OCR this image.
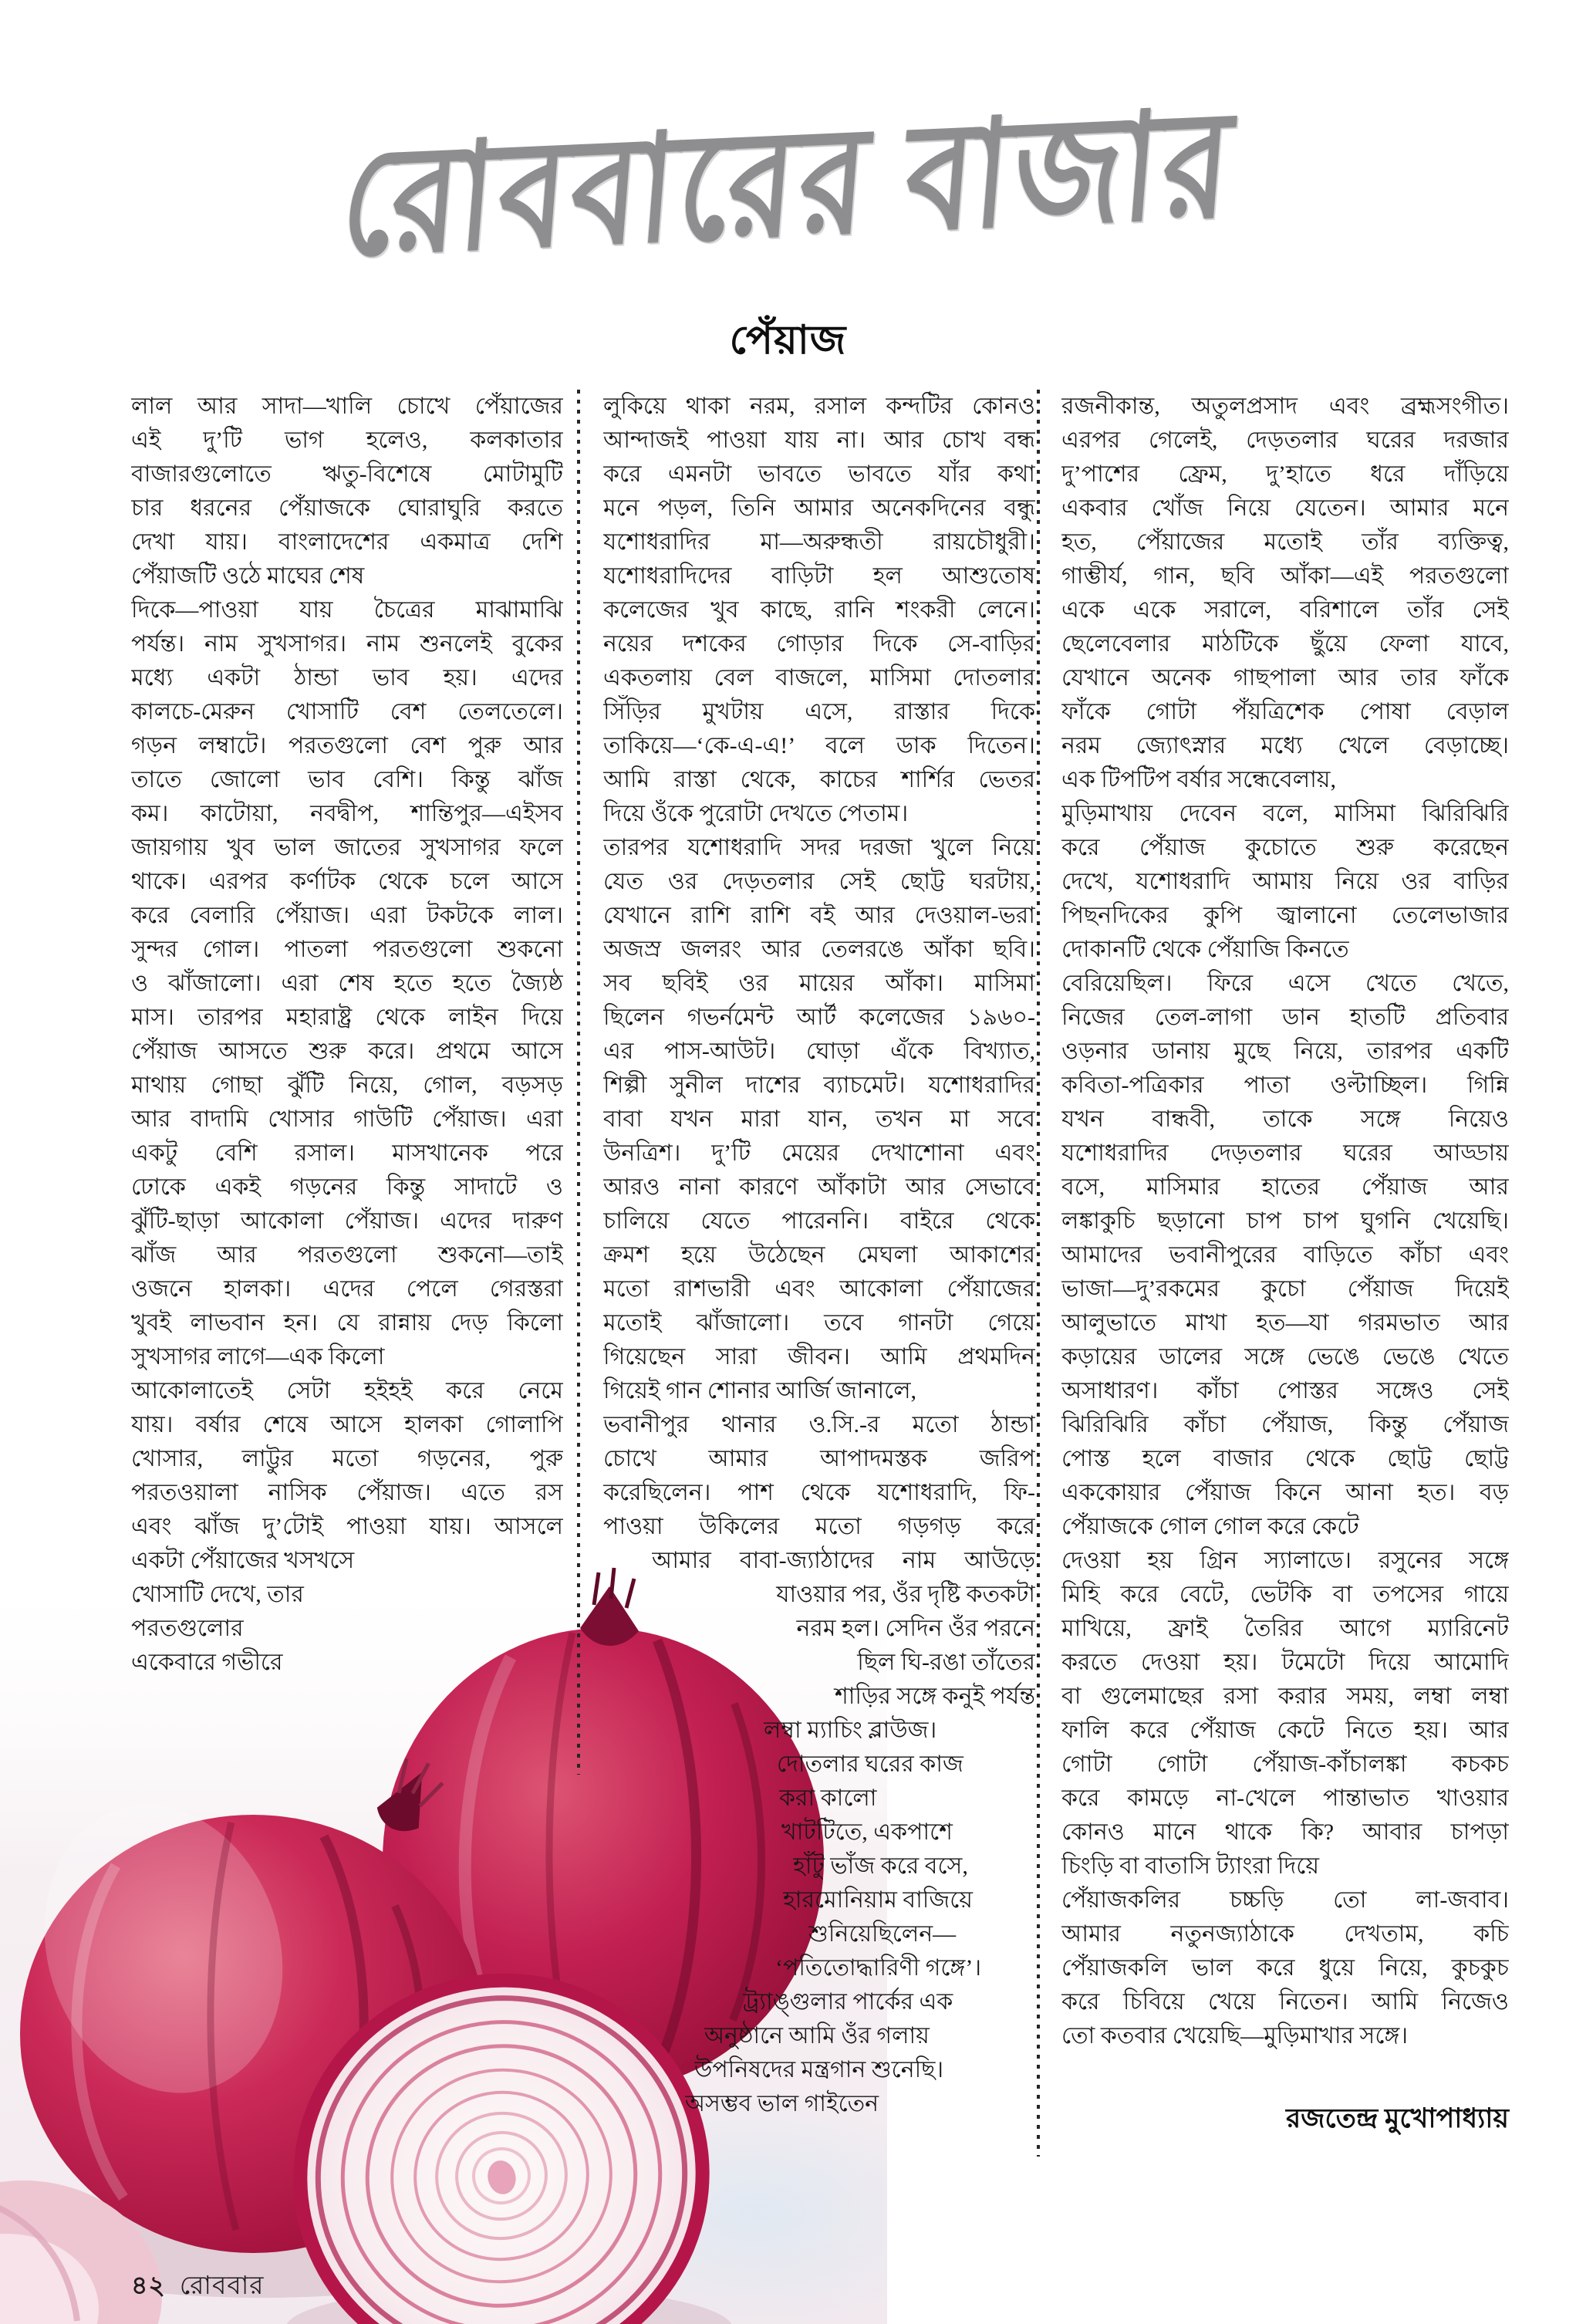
রোববারের বাজার
পেঁয়াজ
লাল আর সাদা—খালি চোখে পেঁয়াজের
এই দু’টি ভাগ হলেও, কলকাতার
বাজারগুলোতে ঋতু-বিশেষে মোটামুটি
চার ধরনের পেঁয়াজকে ঘোরাঘুরি করতে
দেখা যায়। বাংলাদেশের একমাত্র দেশি
পেঁয়াজটি ওঠে মাঘের শেষ
দিকে—পাওয়া যায় চৈত্রের মাঝামাঝি
পর্যন্ত। নাম সুখসাগর। নাম শুনলেই বুকের
মধ্যে একটা ঠান্ডা ভাব হয়। এদের
কালচে-মেরুন খোসাটি বেশ তেলতেলে।
গড়ন লম্বাটে। পরতগুলো বেশ পুরু আর
তাতে জোলো ভাব বেশি। কিন্তু ঝাঁজ
কম। কাটোয়া, নবদ্বীপ, শান্তিপুর—এইসব
জায়গায় খুব ভাল জাতের সুখসাগর ফলে
থাকে। এরপর কর্ণাটক থেকে চলে আসে
করে বেলারি পেঁয়াজ। এরা টকটকে লাল।
সুন্দর গোল। পাতলা পরতগুলো শুকনো
ও ঝাঁজালো। এরা শেষ হতে হতে জ্যৈষ্ঠ
মাস। তারপর মহারাষ্ট্র থেকে লাইন দিয়ে
পেঁয়াজ আসতে শুরু করে। প্রথমে আসে
মাথায় গোছা ঝুঁটি নিয়ে, গোল, বড়সড়
আর বাদামি খোসার গাউটি পেঁয়াজ। এরা
একটু বেশি রসাল। মাসখানেক পরে
ঢোকে একই গড়নের কিন্তু সাদাটে ও
ঝুঁটি-ছাড়া আকোলা পেঁয়াজ। এদের দারুণ
ঝাঁজ আর পরতগুলো শুকনো—তাই
ওজনে হালকা। এদের পেলে গেরস্তরা
খুবই লাভবান হন। যে রান্নায় দেড় কিলো
সুখসাগর লাগে—এক কিলো
আকোলাতেই সেটা হইহই করে নেমে
যায়। বর্ষার শেষে আসে হালকা গোলাপি
খোসার, লাট্টুর মতো গড়নের, পুরু
পরতওয়ালা নাসিক পেঁয়াজ। এতে রস
এবং ঝাঁজ দু’টোই পাওয়া যায়। আসলে
একটা পেঁয়াজের খসখসে
খোসাটি দেখে, তার
পরতগুলোর
একেবারে গভীরে
লুকিয়ে থাকা নরম, রসাল কন্দটির কোনও
আন্দাজই পাওয়া যায় না। আর চোখ বন্ধ
করে এমনটা ভাবতে ভাবতে যাঁর কথা
মনে পড়ল, তিনি আমার অনেকদিনের বন্ধু
যশোধরাদির মা—অরুন্ধতী রায়চৌধুরী।
যশোধরাদিদের বাড়িটা হল আশুতোষ
কলেজের খুব কাছে, রানি শংকরী লেনে।
নয়ের দশকের গোড়ার দিকে সে-বাড়ির
একতলায় বেল বাজলে, মাসিমা দোতলার
সিঁড়ির মুখটায় এসে, রাস্তার দিকে
তাকিয়ে—‘কে-এ-এ!’ বলে ডাক দিতেন।
আমি রাস্তা থেকে, কাচের শার্শির ভেতর
দিয়ে ওঁকে পুরোটা দেখতে পেতাম।
তারপর যশোধরাদি সদর দরজা খুলে নিয়ে
যেত ওর দেড়তলার সেই ছোট্ট ঘরটায়,
যেখানে রাশি রাশি বই আর দেওয়াল-ভরা
অজস্র জলরং আর তেলরঙে আঁকা ছবি।
সব ছবিই ওর মায়ের আঁকা। মাসিমা
ছিলেন গভর্নমেন্ট আর্ট কলেজের ১৯৬০-
এর পাস-আউট। ঘোড়া এঁকে বিখ্যাত,
শিল্পী সুনীল দাশের ব্যাচমেট। যশোধরাদির
বাবা যখন মারা যান, তখন মা সবে
উনত্রিশ। দু’টি মেয়ের দেখাশোনা এবং
আরও নানা কারণে আঁকাটা আর সেভাবে
চালিয়ে যেতে পারেননি। বাইরে থেকে
ক্রমশ হয়ে উঠেছেন মেঘলা আকাশের
মতো রাশভারী এবং আকোলা পেঁয়াজের
মতোই ঝাঁজালো। তবে গানটা গেয়ে
গিয়েছেন সারা জীবন। আমি প্রথমদিন
গিয়েই গান শোনার আর্জি জানালে,
ভবানীপুর থানার ও.সি.-র মতো ঠান্ডা
চোখে আমার আপাদমস্তক জরিপ
করেছিলেন। পাশ থেকে যশোধরাদি, ফি-
পাওয়া উকিলের মতো গড়গড় করে
আমার বাবা-জ্যাঠাদের নাম আউড়ে
যাওয়ার পর, ওঁর দৃষ্টি কতকটা
নরম হল। সেদিন ওঁর পরনে
ছিল ঘি-রঙা তাঁতের
শাড়ির সঙ্গে কনুই পর্যন্ত
লম্বা ম্যাচিং ব্লাউজ।
দোতলার ঘরের কাজ
করা কালো
খাটটিতে, একপাশে
হাঁটু ভাঁজ করে বসে,
হারমোনিয়াম বাজিয়ে
শুনিয়েছিলেন—
‘পতিতোদ্ধারিণী গঙ্গে’।
ট্র্যাঙ্গুলার পার্কের এক
অনুষ্ঠানে আমি ওঁর গলায়
উপনিষদের মন্ত্রগান শুনেছি।
অসম্ভব ভাল গাইতেন
রজনীকান্ত, অতুলপ্রসাদ এবং ব্রহ্মসংগীত।
এরপর গেলেই, দেড়তলার ঘরের দরজার
দু’পাশের ফ্রেম, দু’হাতে ধরে দাঁড়িয়ে
একবার খোঁজ নিয়ে যেতেন। আমার মনে
হত, পেঁয়াজের মতোই তাঁর ব্যক্তিত্ব,
গাম্ভীর্য, গান, ছবি আঁকা—এই পরতগুলো
একে একে সরালে, বরিশালে তাঁর সেই
ছেলেবেলার মাঠটিকে ছুঁয়ে ফেলা যাবে,
যেখানে অনেক গাছপালা আর তার ফাঁকে
ফাঁকে গোটা পঁয়ত্রিশেক পোষা বেড়াল
নরম জ্যোৎস্নার মধ্যে খেলে বেড়াচ্ছে।
এক টিপটিপ বর্ষার সন্ধেবেলায়,
মুড়িমাখায় দেবেন বলে, মাসিমা ঝিরিঝিরি
করে পেঁয়াজ কুচোতে শুরু করেছেন
দেখে, যশোধরাদি আমায় নিয়ে ওর বাড়ির
পিছনদিকের কুপি জ্বালানো তেলেভাজার
দোকানটি থেকে পেঁয়াজি কিনতে
বেরিয়েছিল। ফিরে এসে খেতে খেতে,
নিজের তেল-লাগা ডান হাতটি প্রতিবার
ওড়নার ডানায় মুছে নিয়ে, তারপর একটি
কবিতা-পত্রিকার পাতা ওল্টাচ্ছিল। গিন্নি
যখন বান্ধবী, তাকে সঙ্গে নিয়েও
যশোধরাদির দেড়তলার ঘরের আড্ডায়
বসে, মাসিমার হাতের পেঁয়াজ আর
লঙ্কাকুচি ছড়ানো চাপ চাপ ঘুগনি খেয়েছি।
আমাদের ভবানীপুরের বাড়িতে কাঁচা এবং
ভাজা—দু’রকমের কুচো পেঁয়াজ দিয়েই
আলুভাতে মাখা হত—যা গরমভাত আর
কড়ায়ের ডালের সঙ্গে ভেঙে ভেঙে খেতে
অসাধারণ। কাঁচা পোস্তর সঙ্গেও সেই
ঝিরিঝিরি কাঁচা পেঁয়াজ, কিন্তু পেঁয়াজ
পোস্ত হলে বাজার থেকে ছোট্ট ছোট্ট
এককোয়ার পেঁয়াজ কিনে আনা হত। বড়
পেঁয়াজকে গোল গোল করে কেটে
দেওয়া হয় গ্রিন স্যালাডে। রসুনের সঙ্গে
মিহি করে বেটে, ভেটকি বা তপসের গায়ে
মাখিয়ে, ফ্রাই তৈরির আগে ম্যারিনেট
করতে দেওয়া হয়। টমেটো দিয়ে আমোদি
বা গুলেমাছের রসা করার সময়, লম্বা লম্বা
ফালি করে পেঁয়াজ কেটে নিতে হয়। আর
গোটা গোটা পেঁয়াজ-কাঁচালঙ্কা কচকচ
করে কামড়ে না-খেলে পান্তাভাত খাওয়ার
কোনও মানে থাকে কি? আবার চাপড়া
চিংড়ি বা বাতাসি ট্যাংরা দিয়ে
পেঁয়াজকলির চচ্চড়ি তো লা-জবাব।
আমার নতুনজ্যাঠাকে দেখতাম, কচি
পেঁয়াজকলি ভাল করে ধুয়ে নিয়ে, কুচকুচ
করে চিবিয়ে খেয়ে নিতেন। আমি নিজেও
তো কতবার খেয়েছি—মুড়িমাখার সঙ্গে।
রজতেন্দ্র মুখোপাধ্যায়
৪২ রোববার
